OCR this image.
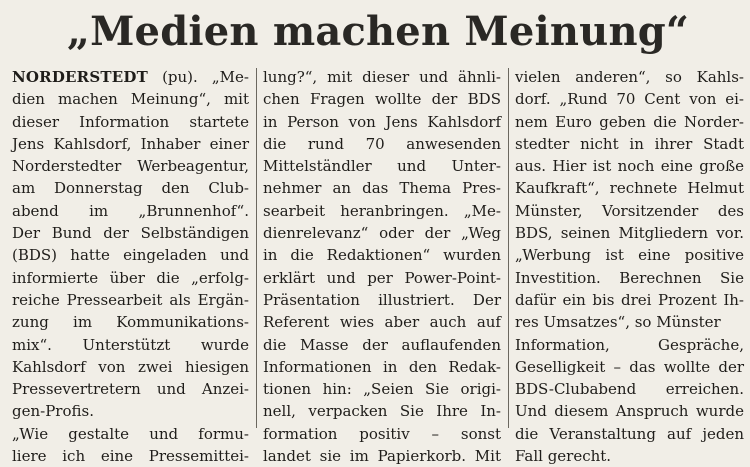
„Medien machen Meinung“
NORDERSTEDT (pu). „Me-
dien machen Meinung“, mit
dieser Information startete
Jens Kahlsdorf, Inhaber einer
Norderstedter Werbeagentur,
am Donnerstag den Club-
abend im „Brunnenhof“.
Der Bund der Selbständigen
(BDS) hatte eingeladen und
informierte über die „erfolg-
reiche Pressearbeit als Ergän-
zung im Kommunikations-
mix“. Unterstützt wurde
Kahlsdorf von zwei hiesigen
Pressevertretern und Anzei-
gen-Profis.
„Wie gestalte und formu-
liere ich eine Pressemittei-
lung?“, mit dieser und ähnli-
chen Fragen wollte der BDS
in Person von Jens Kahlsdorf
die rund 70 anwesenden
Mittelständler und Unter-
nehmer an das Thema Pres-
searbeit heranbringen. „Me-
dienrelevanz“ oder der „Weg
in die Redaktionen“ wurden
erklärt und per Power-Point-
Präsentation illustriert. Der
Referent wies aber auch auf
die Masse der auflaufenden
Informationen in den Redak-
tionen hin: „Seien Sie origi-
nell, verpacken Sie Ihre In-
formation positiv – sonst
landet sie im Papierkorb. Mit
vielen anderen“, so Kahls-
dorf. „Rund 70 Cent von ei-
nem Euro geben die Norder-
stedter nicht in ihrer Stadt
aus. Hier ist noch eine große
Kaufkraft“, rechnete Helmut
Münster, Vorsitzender des
BDS, seinen Mitgliedern vor.
„Werbung ist eine positive
Investition. Berechnen Sie
dafür ein bis drei Prozent Ih-
res Umsatzes“, so Münster
Information, Gespräche,
Geselligkeit – das wollte der
BDS-Clubabend erreichen.
Und diesem Anspruch wurde
die Veranstaltung auf jeden
Fall gerecht.
